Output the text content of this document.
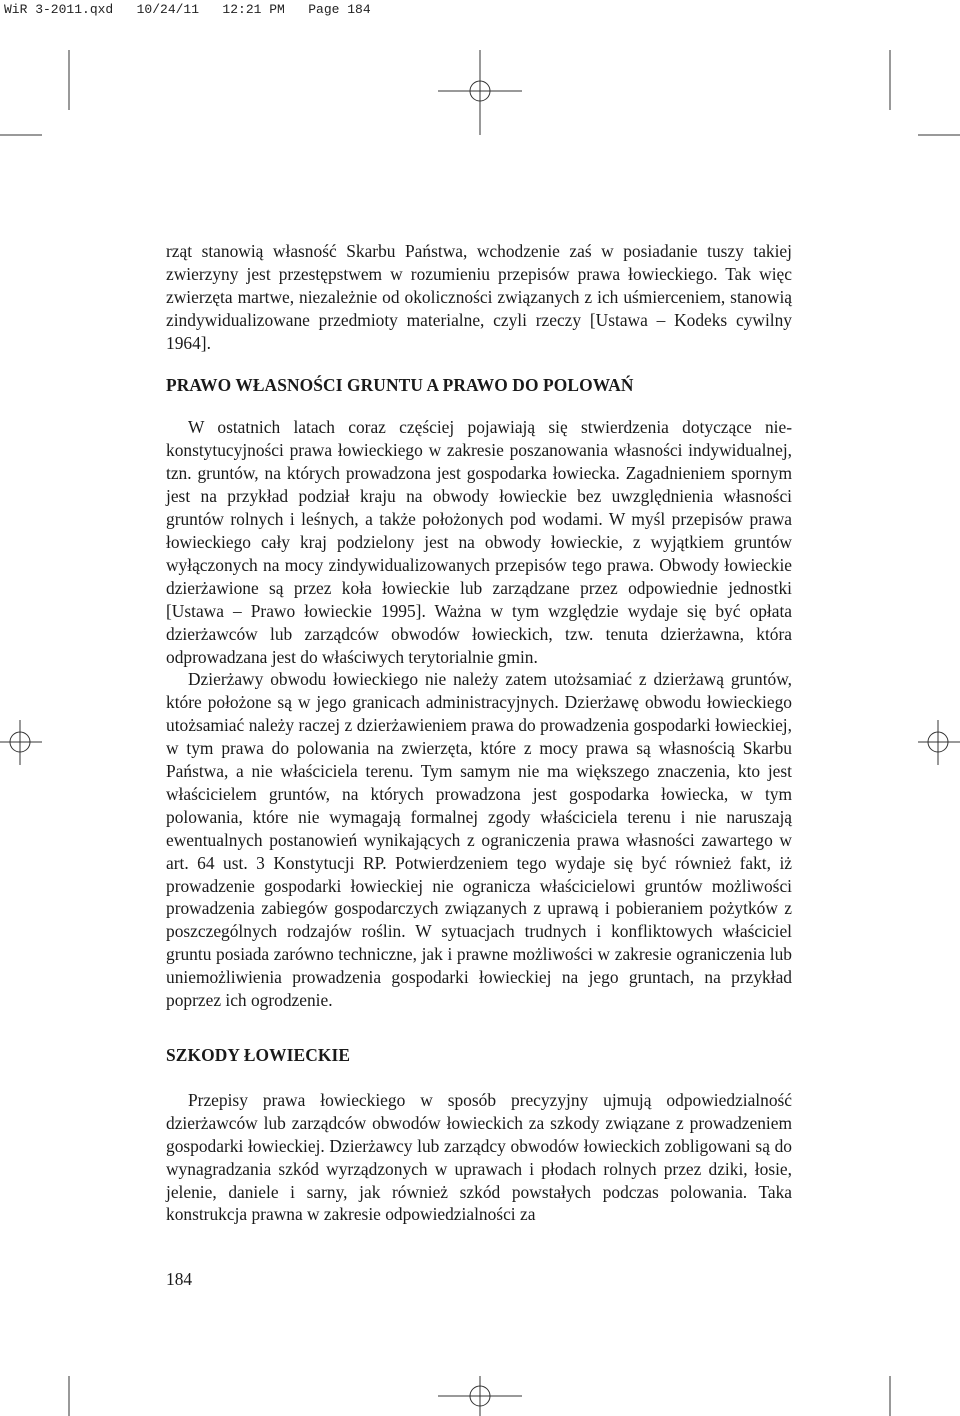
WiR 3-2011.qxd   10/24/11   12:21 PM   Page 184

rząt stanowią własność Skarbu Państwa, wchodzenie zaś w posiadanie tuszy takiej zwierzyny jest przestępstwem w rozumieniu przepisów prawa łowieckiego. Tak więc zwierzęta martwe, niezależnie od okoliczności związanych z ich uśmierceniem, stanowią zindywidualizowane przedmioty materialne, czyli rzeczy [Ustawa – Kodeks cywilny 1964].

PRAWO WŁASNOŚCI GRUNTU A PRAWO DO POLOWAŃ

W ostatnich latach coraz częściej pojawiają się stwierdzenia dotyczące niekonstytucyjności prawa łowieckiego w zakresie poszanowania własności indywidualnej, tzn. gruntów, na których prowadzona jest gospodarka łowiecka. Zagadnieniem spornym jest na przykład podział kraju na obwody łowieckie bez uwzględnienia własności gruntów rolnych i leśnych, a także położonych pod wodami. W myśl przepisów prawa łowieckiego cały kraj podzielony jest na obwody łowieckie, z wyjątkiem gruntów wyłączonych na mocy zindywidualizowanych przepisów tego prawa. Obwody łowieckie dzierżawione są przez koła łowieckie lub zarządzane przez odpowiednie jednostki [Ustawa – Prawo łowieckie 1995]. Ważna w tym względzie wydaje się być opłata dzierżawców lub zarządców obwodów łowieckich, tzw. tenuta dzierżawna, która odprowadzana jest do właściwych terytorialnie gmin.

Dzierżawy obwodu łowieckiego nie należy zatem utożsamiać z dzierżawą gruntów, które położone są w jego granicach administracyjnych. Dzierżawę obwodu łowieckiego utożsamiać należy raczej z dzierżawieniem prawa do prowadzenia gospodarki łowieckiej, w tym prawa do polowania na zwierzęta, które z mocy prawa są własnością Skarbu Państwa, a nie właściciela terenu. Tym samym nie ma większego znaczenia, kto jest właścicielem gruntów, na których prowadzona jest gospodarka łowiecka, w tym polowania, które nie wymagają formalnej zgody właściciela terenu i nie naruszają ewentualnych postanowień wynikających z ograniczenia prawa własności zawartego w art. 64 ust. 3 Konstytucji RP. Potwierdzeniem tego wydaje się być również fakt, iż prowadzenie gospodarki łowieckiej nie ogranicza właścicielowi gruntów możliwości prowadzenia zabiegów gospodarczych związanych z uprawą i pobieraniem pożytków z poszczególnych rodzajów roślin. W sytuacjach trudnych i konfliktowych właściciel gruntu posiada zarówno techniczne, jak i prawne możliwości w zakresie ograniczenia lub uniemożliwienia prowadzenia gospodarki łowieckiej na jego gruntach, na przykład poprzez ich ogrodzenie.

SZKODY ŁOWIECKIE

Przepisy prawa łowieckiego w sposób precyzyjny ujmują odpowiedzialność dzierżawców lub zarządców obwodów łowieckich za szkody związane z prowadzeniem gospodarki łowieckiej. Dzierżawcy lub zarządcy obwodów łowieckich zobligowani są do wynagradzania szkód wyrządzonych w uprawach i płodach rolnych przez dziki, łosie, jelenie, daniele i sarny, jak również szkód powstałych podczas polowania. Taka konstrukcja prawna w zakresie odpowiedzialności za

184
